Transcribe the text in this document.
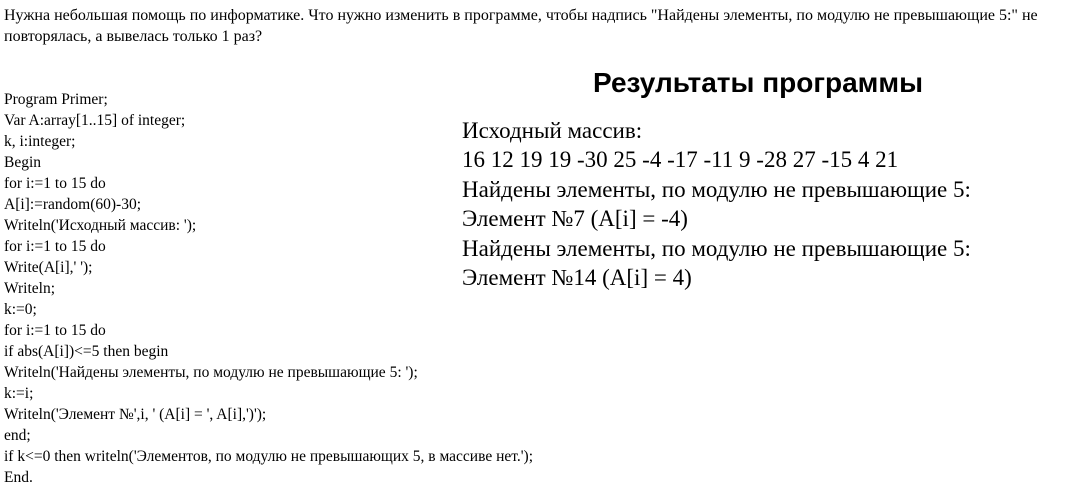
Нужна небольшая помощь по информатике. Что нужно изменить в программе, чтобы надпись "Найдены элементы, по модулю не превышающие 5:" не повторялась, а вывелась только 1 раз?

Program Primer;
Var A:array[1..15] of integer;
k, i:integer;
Begin
for i:=1 to 15 do
A[i]:=random(60)-30;
Writeln('Исходный массив: ');
for i:=1 to 15 do
Write(A[i],' ');
Writeln;
k:=0;
for i:=1 to 15 do
if abs(A[i])<=5 then begin
Writeln('Найдены элементы, по модулю не превышающие 5: ');
k:=i;
Writeln('Элемент №',i, ' (A[i] = ', A[i],')');
end;
if k<=0 then writeln('Элементов, по модулю не превышающих 5, в массиве нет.');
End.
Результаты программы
Исходный массив:
16 12 19 19 -30 25 -4 -17 -11 9 -28 27 -15 4 21
Найдены элементы, по модулю не превышающие 5:
Элемент №7 (A[i] = -4)
Найдены элементы, по модулю не превышающие 5:
Элемент №14 (A[i] = 4)
